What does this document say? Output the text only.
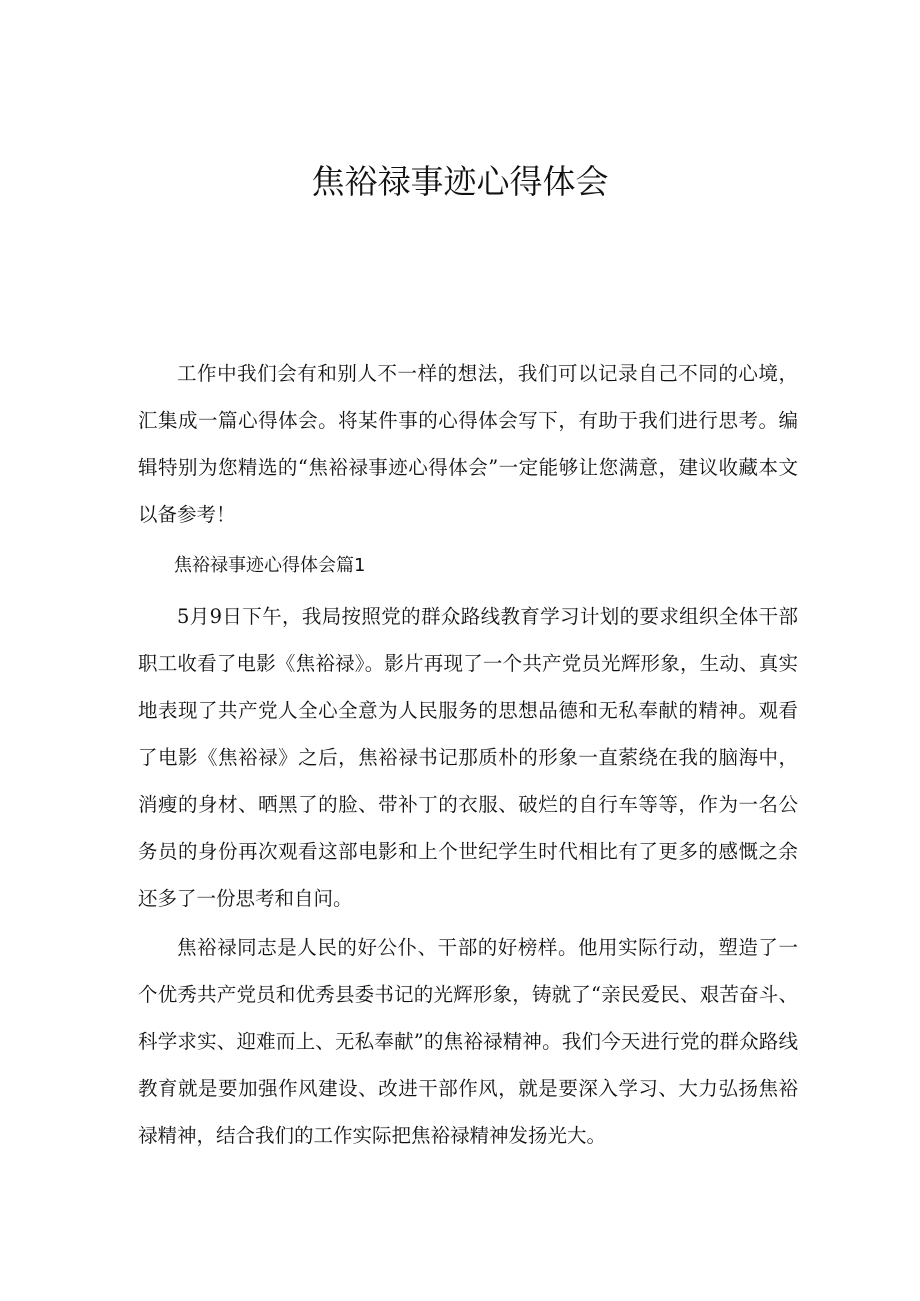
焦裕禄事迹心得体会

工作中我们会有和别人不一样的想法，我们可以记录自己不同的心境，汇集成一篇心得体会。将某件事的心得体会写下，有助于我们进行思考。编辑特别为您精选的“焦裕禄事迹心得体会”一定能够让您满意，建议收藏本文以备参考！

焦裕禄事迹心得体会篇1

5月9日下午，我局按照党的群众路线教育学习计划的要求组织全体干部职工收看了电影《焦裕禄》。影片再现了一个共产党员光辉形象，生动、真实地表现了共产党人全心全意为人民服务的思想品德和无私奉献的精神。观看了电影《焦裕禄》之后，焦裕禄书记那质朴的形象一直萦绕在我的脑海中，消瘦的身材、晒黑了的脸、带补丁的衣服、破烂的自行车等等，作为一名公务员的身份再次观看这部电影和上个世纪学生时代相比有了更多的感慨之余还多了一份思考和自问。

焦裕禄同志是人民的好公仆、干部的好榜样。他用实际行动，塑造了一个优秀共产党员和优秀县委书记的光辉形象，铸就了“亲民爱民、艰苦奋斗、科学求实、迎难而上、无私奉献”的焦裕禄精神。我们今天进行党的群众路线教育就是要加强作风建设、改进干部作风，就是要深入学习、大力弘扬焦裕禄精神，结合我们的工作实际把焦裕禄精神发扬光大。
